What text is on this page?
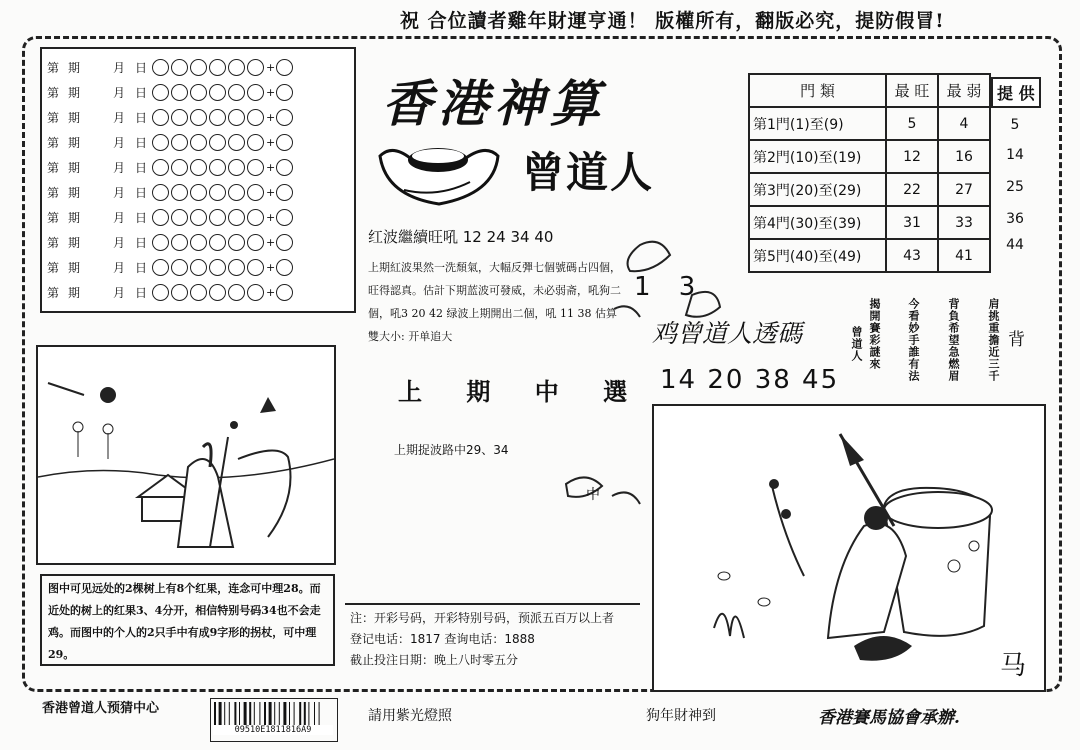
祝 合位讀者雞年財運亨通！ 版權所有，翻版必究，提防假冒!
第 期	月 日	+
第 期	月 日	+
第 期	月 日	+
第 期	月 日	+
第 期	月 日	+
第 期	月 日	+
第 期	月 日	+
第 期	月 日	+
第 期	月 日	+
第 期	月 日	+
香港神算
曾道人
红波繼續旺吼 12 24 34 40
上期紅波果然一洗頹氣，大幅反彈七個號碼占四個，旺得認真。估計下期蓝波可發威，未必弱斋，吼狗二個，吼3 20 42 绿波上期開出二個，吼 11 38 估算雙大小: 开单追大
上 期 中 選
上期捉波路中29、34
門 類	最 旺	最 弱
第1門(1)至(9)	5	4
第2門(10)至(19)	12	16
第3門(20)至(29)	22	27
第4門(30)至(39)	31	33
第5門(40)至(49)	43	41
提 供
5
14
25
36
44
1 3
鸡曾道人透碼
14 20 38 45	肩挑重擔近三千
背負希望急燃眉
今看妙手誰有法
揭開賽彩謎來
曾道人	背
图中可见远处的2棵树上有8个红果，连念可中理28。而近处的树上的红果3、4分开，相信特别号码34也不会走鸡。而图中的个人的2只手中有成9字形的拐杖，可中理29。
注：开彩号码，开彩特别号码，预派五百万以上者
登记电话：1817 查询电话：1888
截止投注日期：晚上八时零五分
中
马
香港曾道人预猜中心
09510E1811816A9
請用紫光燈照	狗年財神到	香港賽馬協會承辦.
